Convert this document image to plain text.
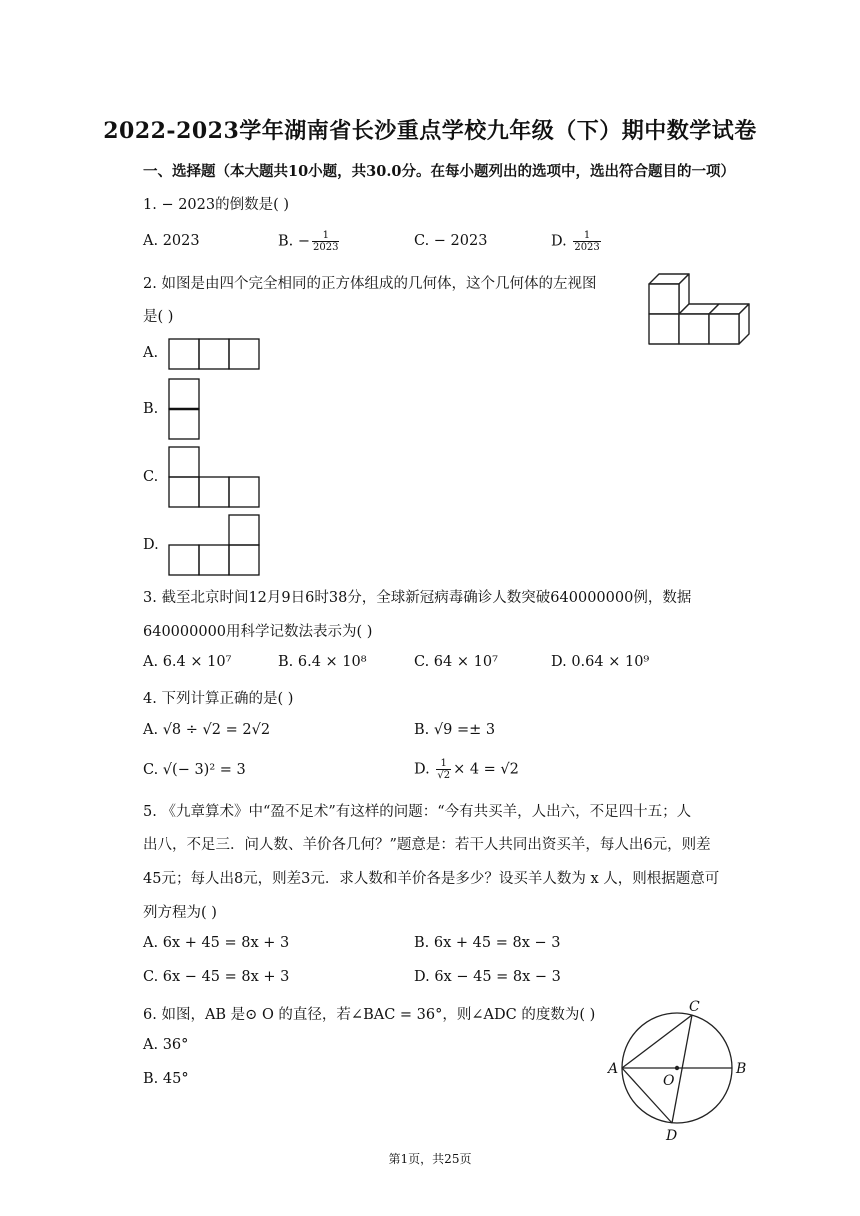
2022-2023学年湖南省长沙重点学校九年级（下）期中数学试卷
一、选择题（本大题共10小题，共30.0分。在每小题列出的选项中，选出符合题目的一项）
1. − 2023的倒数是( )
A. 2023	B. − $\frac{1}{2023}$	C. − 2023	D. $\frac{1}{2023}$
2. 如图是由四个完全相同的正方体组成的几何体，这个几何体的左视图
是( )
A.
B.
C.
D.
3. 截至北京时间12月9日6时38分，全球新冠病毒确诊人数突破640000000例，数据
640000000用科学记数法表示为( )
A. 6.4 × 10⁷	B. 6.4 × 10⁸	C. 64 × 10⁷	D. 0.64 × 10⁹
4. 下列计算正确的是( )
A. √8 ÷ √2 = 2√2	B. √9 =± 3
C. √(− 3)² = 3	D. $\frac{1}{√2} \times 4 = √2$
5. 《九章算术》中“盈不足术”有这样的问题：“今有共买羊，人出六，不足四十五；人
出八，不足三．问人数、羊价各几何？”题意是：若干人共同出资买羊，每人出6元，则差
45元；每人出8元，则差3元．求人数和羊价各是多少？设买羊人数为 x 人，则根据题意可
列方程为( )
A. 6x + 45 = 8x + 3	B. 6x + 45 = 8x − 3
C. 6x − 45 = 8x + 3	D. 6x − 45 = 8x − 3
6. 如图，AB 是⊙ O 的直径，若∠BAC = 36°，则∠ADC 的度数为( )
A. 36°
B. 45°
A	B
C
D
O
第1页，共25页
